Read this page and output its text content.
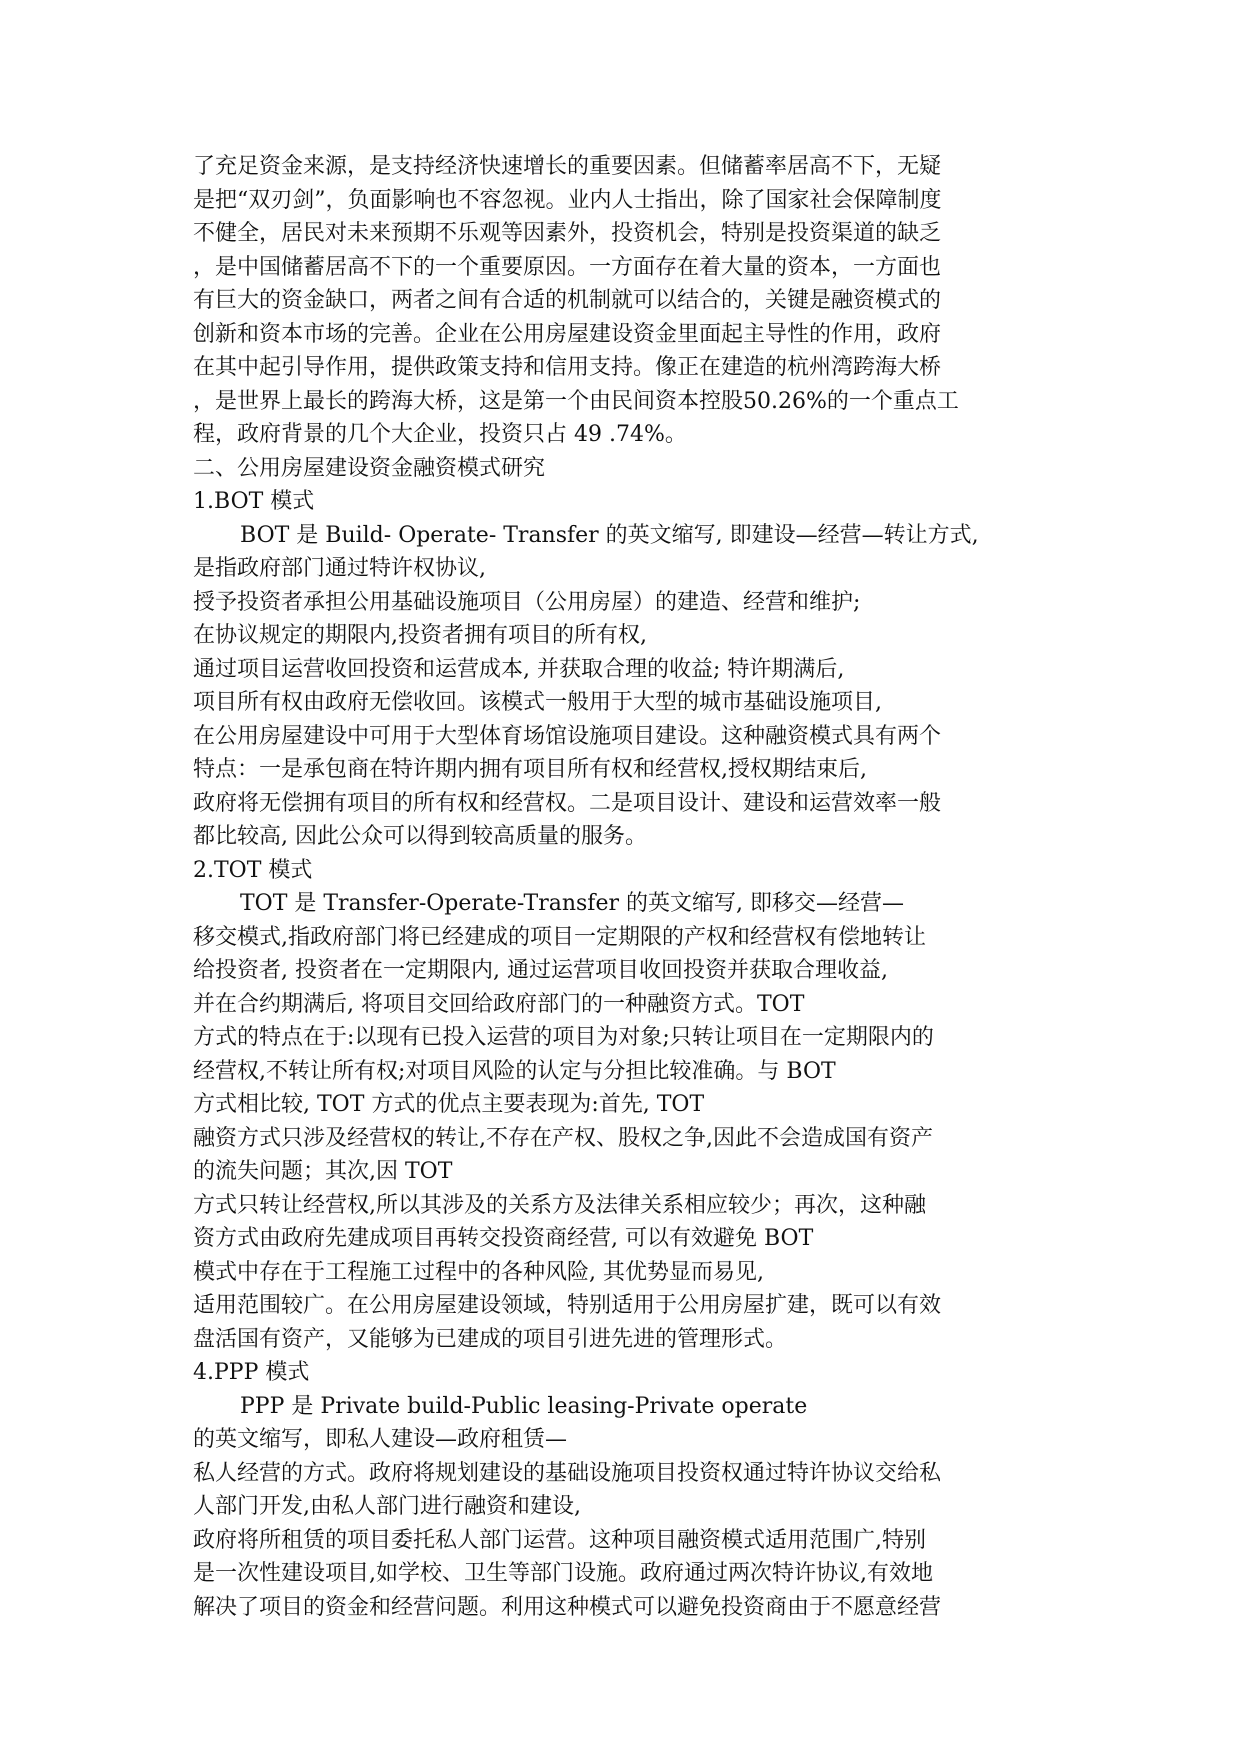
了充足资金来源，是支持经济快速增长的重要因素。但储蓄率居高不下，无疑
是把“双刃剑”，负面影响也不容忽视。业内人士指出，除了国家社会保障制度
不健全，居民对未来预期不乐观等因素外，投资机会，特别是投资渠道的缺乏
，是中国储蓄居高不下的一个重要原因。一方面存在着大量的资本，一方面也
有巨大的资金缺口，两者之间有合适的机制就可以结合的，关键是融资模式的
创新和资本市场的完善。企业在公用房屋建设资金里面起主导性的作用，政府
在其中起引导作用，提供政策支持和信用支持。像正在建造的杭州湾跨海大桥
，是世界上最长的跨海大桥，这是第一个由民间资本控股50.26%的一个重点工
程，政府背景的几个大企业，投资只占 49 .74%。
二、公用房屋建设资金融资模式研究
1.BOT 模式
BOT 是 Build- Operate- Transfer 的英文缩写, 即建设—经营—转让方式,
是指政府部门通过特许权协议,
授予投资者承担公用基础设施项目（公用房屋）的建造、经营和维护;
在协议规定的期限内,投资者拥有项目的所有权,
通过项目运营收回投资和运营成本, 并获取合理的收益; 特许期满后,
项目所有权由政府无偿收回。该模式一般用于大型的城市基础设施项目,
在公用房屋建设中可用于大型体育场馆设施项目建设。这种融资模式具有两个
特点：一是承包商在特许期内拥有项目所有权和经营权,授权期结束后,
政府将无偿拥有项目的所有权和经营权。二是项目设计、建设和运营效率一般
都比较高, 因此公众可以得到较高质量的服务。
2.TOT 模式
TOT 是 Transfer-Operate-Transfer 的英文缩写, 即移交—经营—
移交模式,指政府部门将已经建成的项目一定期限的产权和经营权有偿地转让
给投资者, 投资者在一定期限内, 通过运营项目收回投资并获取合理收益,
并在合约期满后, 将项目交回给政府部门的一种融资方式。TOT
方式的特点在于:以现有已投入运营的项目为对象;只转让项目在一定期限内的
经营权,不转让所有权;对项目风险的认定与分担比较准确。与 BOT
方式相比较, TOT 方式的优点主要表现为:首先, TOT
融资方式只涉及经营权的转让,不存在产权、股权之争,因此不会造成国有资产
的流失问题；其次,因 TOT
方式只转让经营权,所以其涉及的关系方及法律关系相应较少；再次，这种融
资方式由政府先建成项目再转交投资商经营, 可以有效避免 BOT
模式中存在于工程施工过程中的各种风险, 其优势显而易见,
适用范围较广。在公用房屋建设领域，特别适用于公用房屋扩建，既可以有效
盘活国有资产，又能够为已建成的项目引进先进的管理形式。
4.PPP 模式
PPP 是 Private build-Public leasing-Private operate
的英文缩写，即私人建设—政府租赁—
私人经营的方式。政府将规划建设的基础设施项目投资权通过特许协议交给私
人部门开发,由私人部门进行融资和建设,
政府将所租赁的项目委托私人部门运营。这种项目融资模式适用范围广,特别
是一次性建设项目,如学校、卫生等部门设施。政府通过两次特许协议,有效地
解决了项目的资金和经营问题。利用这种模式可以避免投资商由于不愿意经营
